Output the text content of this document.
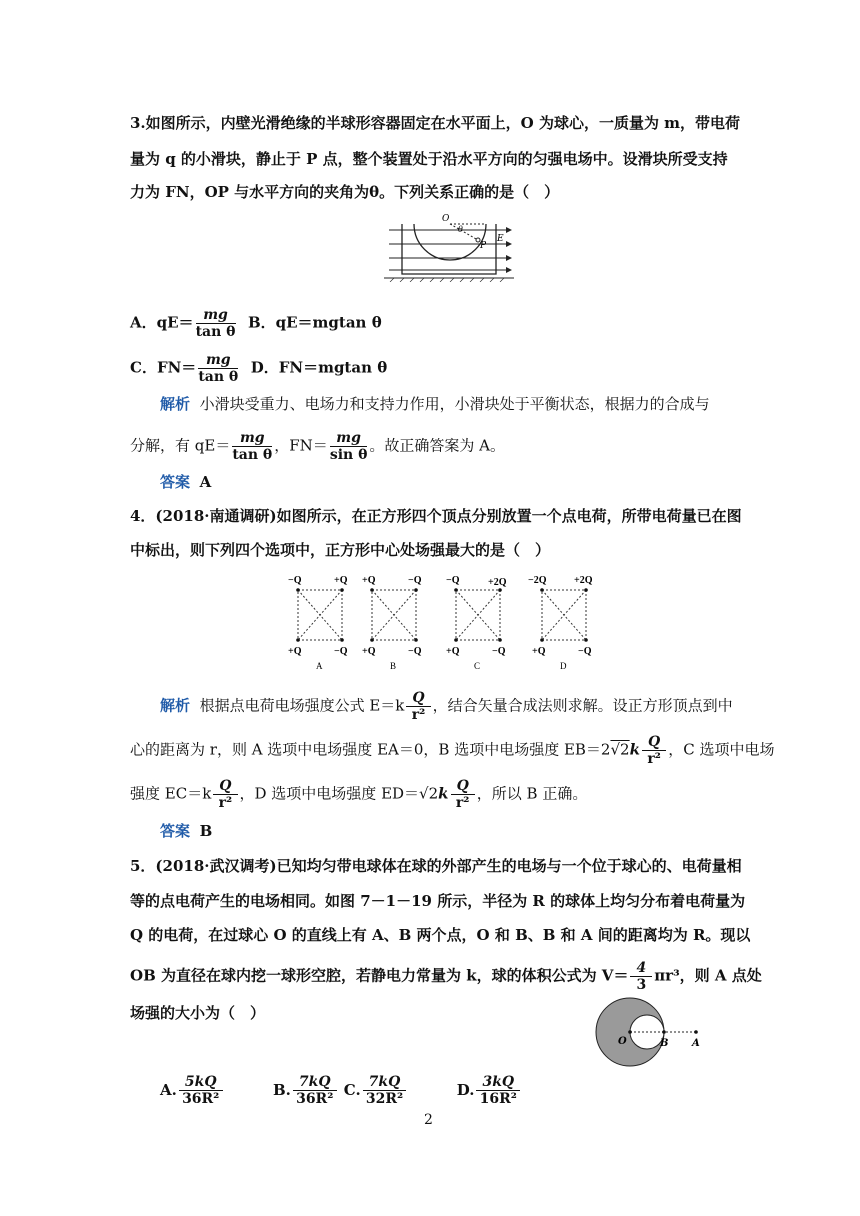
3.如图所示，内壁光滑绝缘的半球形容器固定在水平面上，O 为球心，一质量为 m，带电荷
量为 q 的小滑块，静止于 P 点，整个装置处于沿水平方向的匀强电场中。设滑块所受支持
力为 FN，OP 与水平方向的夹角为θ。下列关系正确的是（　）
O
θ
P
E
A．$qE= \frac{mg}{\text{tan θ}}$ B．qE＝mgtan θ
C．$FN= \frac{mg}{\text{tan θ}}$ D．FN＝mgtan θ
解析 小滑块受重力、电场力和支持力作用，小滑块处于平衡状态，根据力的合成与
分解，有 $qE= \frac{mg}{\text{tan θ}}$ ，$FN= \frac{mg}{\text{sin θ}}$ 。故正确答案为 A。
答案 A
4．(2018·南通调研)如图所示，在正方形四个顶点分别放置一个点电荷，所带电荷量已在图
中标出，则下列四个选项中，正方形中心处场强最大的是（　）
−Q	+Q
+Q	−Q
A
+Q	−Q
+Q	−Q
B
−Q	+2Q
+Q	−Q
C
−2Q	+2Q
+Q	−Q
D
解析 根据点电荷电场强度公式 $E=k \frac{Q}{\text{r²}}$ ，结合矢量合成法则求解。设正方形顶点到中
心的距离为 r，则 A 选项中电场强度 EA＝0，B 选项中电场强度 $EB=2√2k \frac{Q}{\text{r²}}$ ，C 选项中电场
强度 $EC=k \frac{Q}{\text{r²}}$ ，D 选项中电场强度 $ED=√2k \frac{Q}{\text{r²}}$ ，所以 B 正确。
答案 B
5．(2018·武汉调考)已知均匀带电球体在球的外部产生的电场与一个位于球心的、电荷量相
等的点电荷产生的电场相同。如图 7－1－19 所示，半径为 R 的球体上均匀分布着电荷量为
Q 的电荷，在过球心 O 的直线上有 A、B 两个点，O 和 B、B 和 A 间的距离均为 R。现以
OB 为直径在球内挖一球形空腔，若静电力常量为 k，球的体积公式为 $V= \frac{4}{3} \pi r^3$，则 A 点处
场强的大小为（　）
O	B A
A. $\frac{5kQ}{\text{36R²}}$	B. $\frac{7kQ}{\text{36R²}} C$. $\frac{7kQ}{\text{32R²}}$	D. $\frac{3kQ}{\text{16R²}}$
2
